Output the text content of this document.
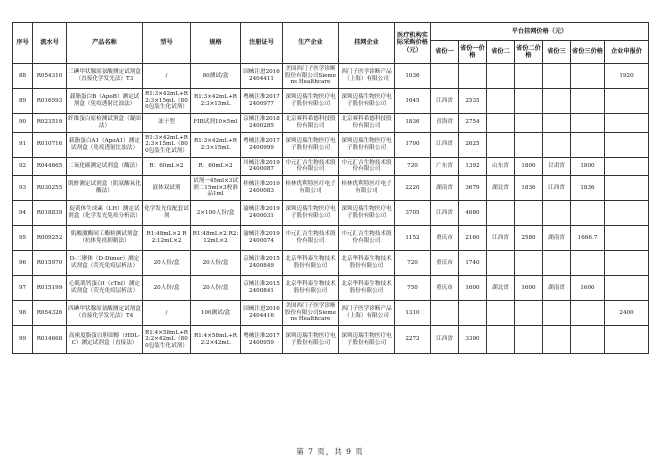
序号	流水号	产品名称	型号	规格	注册证号	生产企业	挂网企业	医疗机构实际采购价格（元）	平台挂网价格（元）						
									省份一	省份一价格	省份二	省份二价格	省份三	省份三价格	企业申报价
88	R054310	三碘甲状腺原氨酸测定试剂盒（直接化学发光法）T3	/	80测试/盒	国械注进20162404411	美国西门子医学诊断股份有限公司Siemens Healthcare	西门子医学诊断产品（上海）有限公司	1036							1920
89	R016593	载脂蛋白B（ApoB）测定试剂盒（免疫透射比浊法）	R1:3×42mL+R2:3×15mL（800包装生化试剂）	R1:3×42mL+R2:3×15mL	粤械注准20172400977	深圳迈瑞生物医疗电子股份有限公司	深圳迈瑞生物医疗电子股份有限公司	1645	江西省	2535					
90	R023519	纤维蛋白原检测试剂盒（凝固法）	冻干型	FIB试剂10×5ml	京械注准20182400285	北京赛科希德科技股份有限公司	北京赛科希德科技股份有限公司	1836	青海省	2754					
91	R010716	载脂蛋白A1（ApoA1）测定试剂盒（免疫透射比浊法）	R1:3×42mL+R2:3×15mL（800包装生化试剂）	R1:3×42mL+R2:3×15mL	粤械注准20172400999	深圳迈瑞生物医疗电子股份有限公司	深圳迈瑞生物医疗电子股份有限公司	1700	江西省	2625					
92	R044665	二氧化碳测定试剂盒（酶法）	R：60mL×2	R：60mL×2	川械注准20192400087	中元汇吉生物技术股份有限公司	中元汇吉生物技术股份有限公司	720	广东省	1392	山东省	1800	甘肃省	1800	
93	R030255	肌酐测定试剂盒（肌氨酸氧化酶法）	液体双试剂	试剂一45ml×3试剂二15ml×3校准品1ml	桂械注准20192400083	桂林优利特医疗电子有限公司	桂林优利特医疗电子有限公司	2220	湖南省	3679	湖北省	1836	江西省	1836	
94	R018839	促黄体生成素（LH）测定试剂盒（化学发光免疫分析法）	化学发光仪配套试剂	2×100人份/盒	渝械注准20192400031	深圳迈瑞生物医疗电子股份有限公司	深圳迈瑞生物医疗电子股份有限公司	3705	江西省	4680					
95	R009252	肌酸激酶同工酶检测试剂盒（抗体免疫抑制法）	R1:48mL×2 R2:12mL×2	R1:48mL×2 R2:12mL×2	渝械注准20192400074	中元汇吉生物技术股份有限公司	中元汇吉生物技术股份有限公司	1152	重庆市	2160	江西省	2580	湖南省	1666.7	
96	R015970	D-二聚体（D-Dimer）测定试剂盒（荧光免疫层析法）	20人份/盒	20人份/盒	京械注准20152400849	北京华科泰生物技术股份有限公司	北京华科泰生物技术股份有限公司	720	重庆市	1740					
97	R015199	心肌肌钙蛋白I（cTnI）测定试剂盒（荧光免疫层析法）	20人份/盒	20人份/盒	京械注准20152400841	北京华科泰生物技术股份有限公司	北京华科泰生物技术股份有限公司	750	重庆市	1600	湖北省	1600	湖南省	1600	
98	R054326	四碘甲状腺原氨酸测定试剂盒（直接化学发光法）T4	/	100测试/盒	国械注进20162404416	美国西门子医学诊断股份有限公司Siemens Healthcare	西门子医学诊断产品（上海）有限公司	1310							2400
99	R014668	高密度脂蛋白胆固醇（HDL-C）测定试剂盒（直接法）	R1:4×58mL+R2:2×42mL（800包装生化试剂）	R1:4×58mL+R2:2×42mL	粤械注准20172400959	深圳迈瑞生物医疗电子股份有限公司	深圳迈瑞生物医疗电子股份有限公司	2272	江西省	3390					
第 7 页，共 9 页
